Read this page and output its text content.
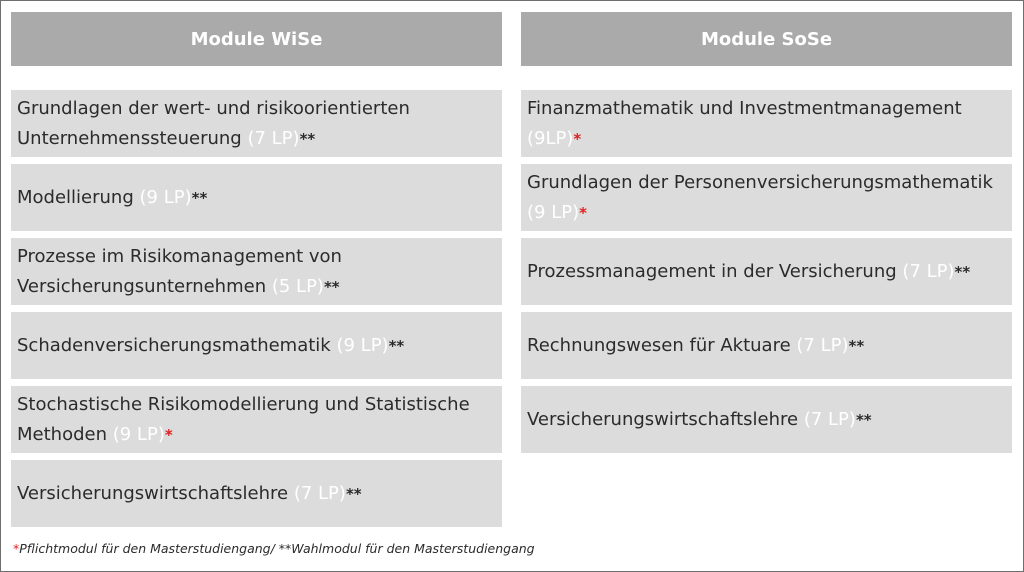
Module WiSe
Grundlagen der wert- und risikoorientierten Unternehmenssteuerung (7 LP)**
Modellierung (9 LP)**
Prozesse im Risikomanagement von Versicherungsunternehmen (5 LP)**
Schadenversicherungsmathematik (9 LP)**
Stochastische Risikomodellierung und Statistische Methoden (9 LP)*
Versicherungswirtschaftslehre (7 LP)**
Module SoSe
Finanzmathematik und Investmentmanagement (9LP)*
Grundlagen der Personenversicherungsmathematik (9 LP)*
Prozessmanagement in der Versicherung (7 LP)**
Rechnungswesen für Aktuare (7 LP)**
Versicherungswirtschaftslehre (7 LP)**
*Pflichtmodul für den Masterstudiengang/ **Wahlmodul für den Masterstudiengang
